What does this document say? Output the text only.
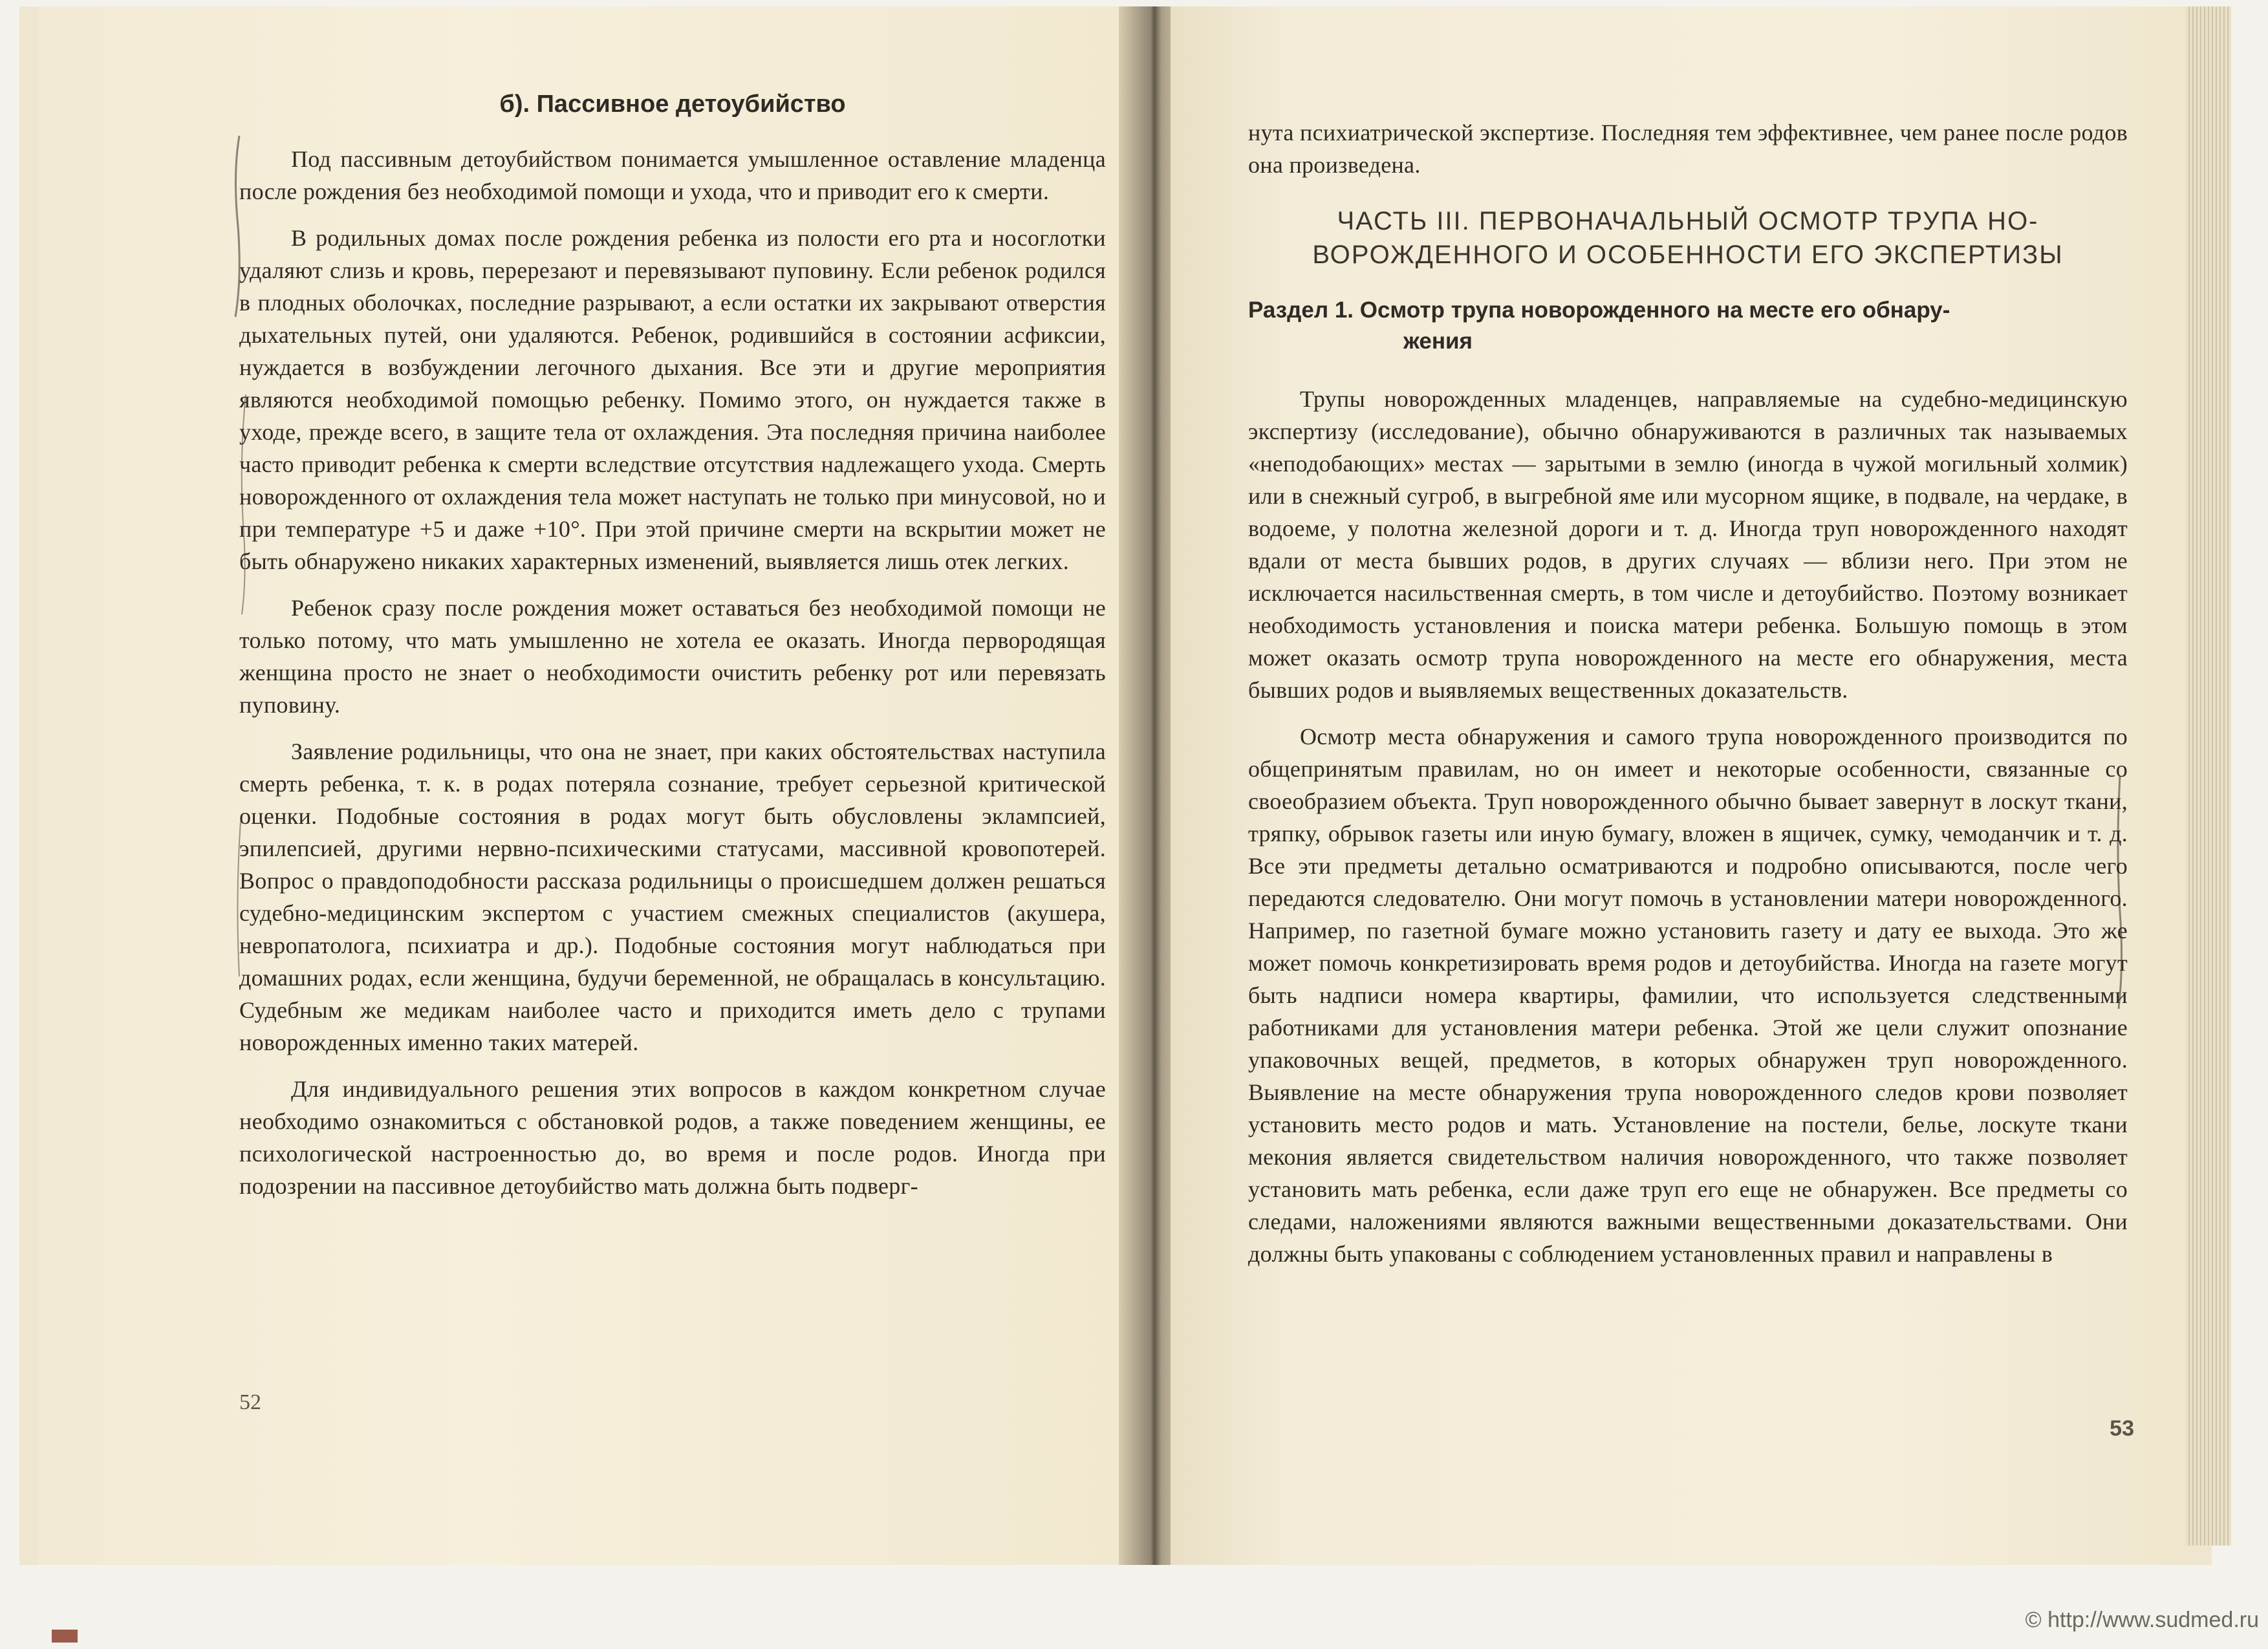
б). Пассивное детоубийство

Под пассивным детоубийством понимается умышленное оставление младенца после рождения без необходимой помощи и ухода, что и приводит его к смерти.

В родильных домах после рождения ребенка из полости его рта и носоглотки удаляют слизь и кровь, перерезают и перевязывают пуповину. Если ребенок родился в плодных оболочках, последние разрывают, а если остатки их закрывают отверстия дыхательных путей, они удаляются. Ребенок, родившийся в состоянии асфиксии, нуждается в возбуждении легочного дыхания. Все эти и другие мероприятия являются необходимой помощью ребенку. Помимо этого, он нуждается также в уходе, прежде всего, в защите тела от охлаждения. Эта последняя причина наиболее часто приводит ребенка к смерти вследствие отсутствия надлежащего ухода. Смерть новорожденного от охлаждения тела может наступать не только при минусовой, но и при температуре +5 и даже +10°. При этой причине смерти на вскрытии может не быть обнаружено никаких характерных изменений, выявляется лишь отек легких.

Ребенок сразу после рождения может оставаться без необходимой помощи не только потому, что мать умышленно не хотела ее оказать. Иногда первородящая женщина просто не знает о необходимости очистить ребенку рот или перевязать пуповину.

Заявление родильницы, что она не знает, при каких обстоятельствах наступила смерть ребенка, т. к. в родах потеряла сознание, требует серьезной критической оценки. Подобные состояния в родах могут быть обусловлены эклампсией, эпилепсией, другими нервно-психическими статусами, массивной кровопотерей. Вопрос о правдоподобности рассказа родильницы о происшедшем должен решаться судебно-медицинским экспертом с участием смежных специалистов (акушера, невропатолога, психиатра и др.). Подобные состояния могут наблюдаться при домашних родах, если женщина, будучи беременной, не обращалась в консультацию. Судебным же медикам наиболее часто и приходится иметь дело с трупами новорожденных именно таких матерей.

Для индивидуального решения этих вопросов в каждом конкретном случае необходимо ознакомиться с обстановкой родов, а также поведением женщины, ее психологической настроенностью до, во время и после родов. Иногда при подозрении на пассивное детоубийство мать должна быть подверг-

52

нута психиатрической экспертизе. Последняя тем эффективнее, чем ранее после родов она произведена.

ЧАСТЬ III. ПЕРВОНАЧАЛЬНЫЙ ОСМОТР ТРУПА НО-
ВОРОЖДЕННОГО И ОСОБЕННОСТИ ЕГО ЭКСПЕРТИЗЫ
Раздел 1. Осмотр трупа новорожденного на месте его обнару-
жения

Трупы новорожденных младенцев, направляемые на судебно-медицинскую экспертизу (исследование), обычно обнаруживаются в различных так называемых «неподобающих» местах — зарытыми в землю (иногда в чужой могильный холмик) или в снежный сугроб, в выгребной яме или мусорном ящике, в подвале, на чердаке, в водоеме, у полотна железной дороги и т. д. Иногда труп новорожденного находят вдали от места бывших родов, в других случаях — вблизи него. При этом не исключается насильственная смерть, в том числе и детоубийство. Поэтому возникает необходимость установления и поиска матери ребенка. Большую помощь в этом может оказать осмотр трупа новорожденного на месте его обнаружения, места бывших родов и выявляемых вещественных доказательств.

Осмотр места обнаружения и самого трупа новорожденного производится по общепринятым правилам, но он имеет и некоторые особенности, связанные со своеобразием объекта. Труп новорожденного обычно бывает завернут в лоскут ткани, тряпку, обрывок газеты или иную бумагу, вложен в ящичек, сумку, чемоданчик и т. д. Все эти предметы детально осматриваются и подробно описываются, после чего передаются следователю. Они могут помочь в установлении матери новорожденного. Например, по газетной бумаге можно установить газету и дату ее выхода. Это же может помочь конкретизировать время родов и детоубийства. Иногда на газете могут быть надписи номера квартиры, фамилии, что используется следственными работниками для установления матери ребенка. Этой же цели служит опознание упаковочных вещей, предметов, в которых обнаружен труп новорожденного. Выявление на месте обнаружения трупа новорожденного следов крови позволяет установить место родов и мать. Установление на постели, белье, лоскуте ткани мекония является свидетельством наличия новорожденного, что также позволяет установить мать ребенка, если даже труп его еще не обнаружен. Все предметы со следами, наложениями являются важными вещественными доказательствами. Они должны быть упакованы с соблюдением установленных правил и направлены в

53
© http://www.sudmed.ru
